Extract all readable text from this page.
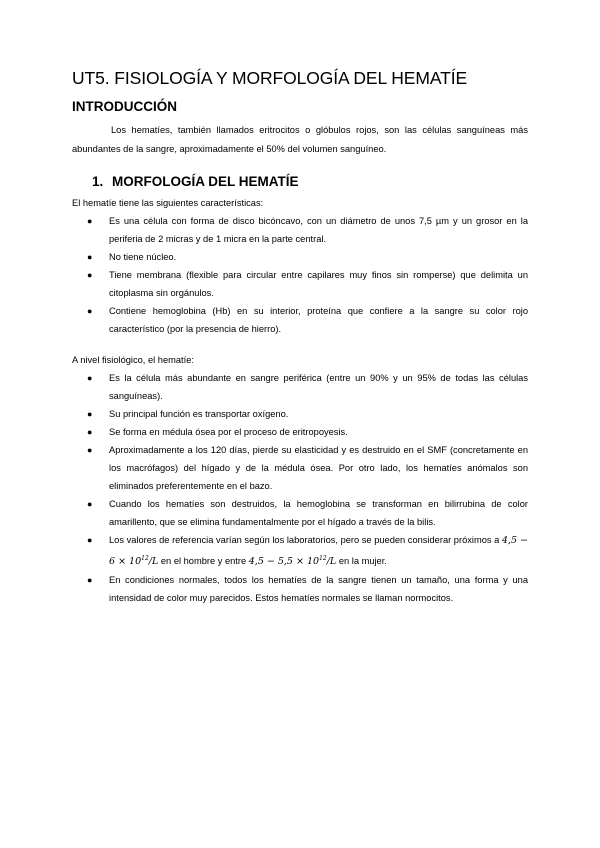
UT5. FISIOLOGÍA Y MORFOLOGÍA DEL HEMATÍE
INTRODUCCIÓN

Los hematíes, también llamados eritrocitos o glóbulos rojos, son las células sanguíneas más abundantes de la sangre, aproximadamente el 50% del volumen sanguíneo.

1. MORFOLOGÍA DEL HEMATÍE

El hematíe tiene las siguientes características:

● Es una célula con forma de disco bicóncavo, con un diámetro de unos 7,5 µm y un grosor en la periferia de 2 micras y de 1 micra en la parte central.
● No tiene núcleo.
● Tiene membrana (flexible para circular entre capilares muy finos sin romperse) que delimita un citoplasma sin orgánulos.
● Contiene hemoglobina (Hb) en su interior, proteína que confiere a la sangre su color rojo característico (por la presencia de hierro).

A nivel fisiológico, el hematíe:

● Es la célula más abundante en sangre periférica (entre un 90% y un 95% de todas las células sanguíneas).
● Su principal función es transportar oxígeno.
● Se forma en médula ósea por el proceso de eritropoyesis.
● Aproximadamente a los 120 días, pierde su elasticidad y es destruido en el SMF (concretamente en los macrófagos) del hígado y de la médula ósea. Por otro lado, los hematíes anómalos son eliminados preferentemente en el bazo.
● Cuando los hematíes son destruidos, la hemoglobina se transforman en bilirrubina de color amarillento, que se elimina fundamentalmente por el hígado a través de la bilis.
● Los valores de referencia varían según los laboratorios, pero se pueden considerar próximos a $4,5 - 6 \times 10^{12}/L$ en el hombre y entre $4,5 - 5,5 \times 10^{12}/L$ en la mujer.
● En condiciones normales, todos los hematíes de la sangre tienen un tamaño, una forma y una intensidad de color muy parecidos. Estos hematíes normales se llaman normocitos.
